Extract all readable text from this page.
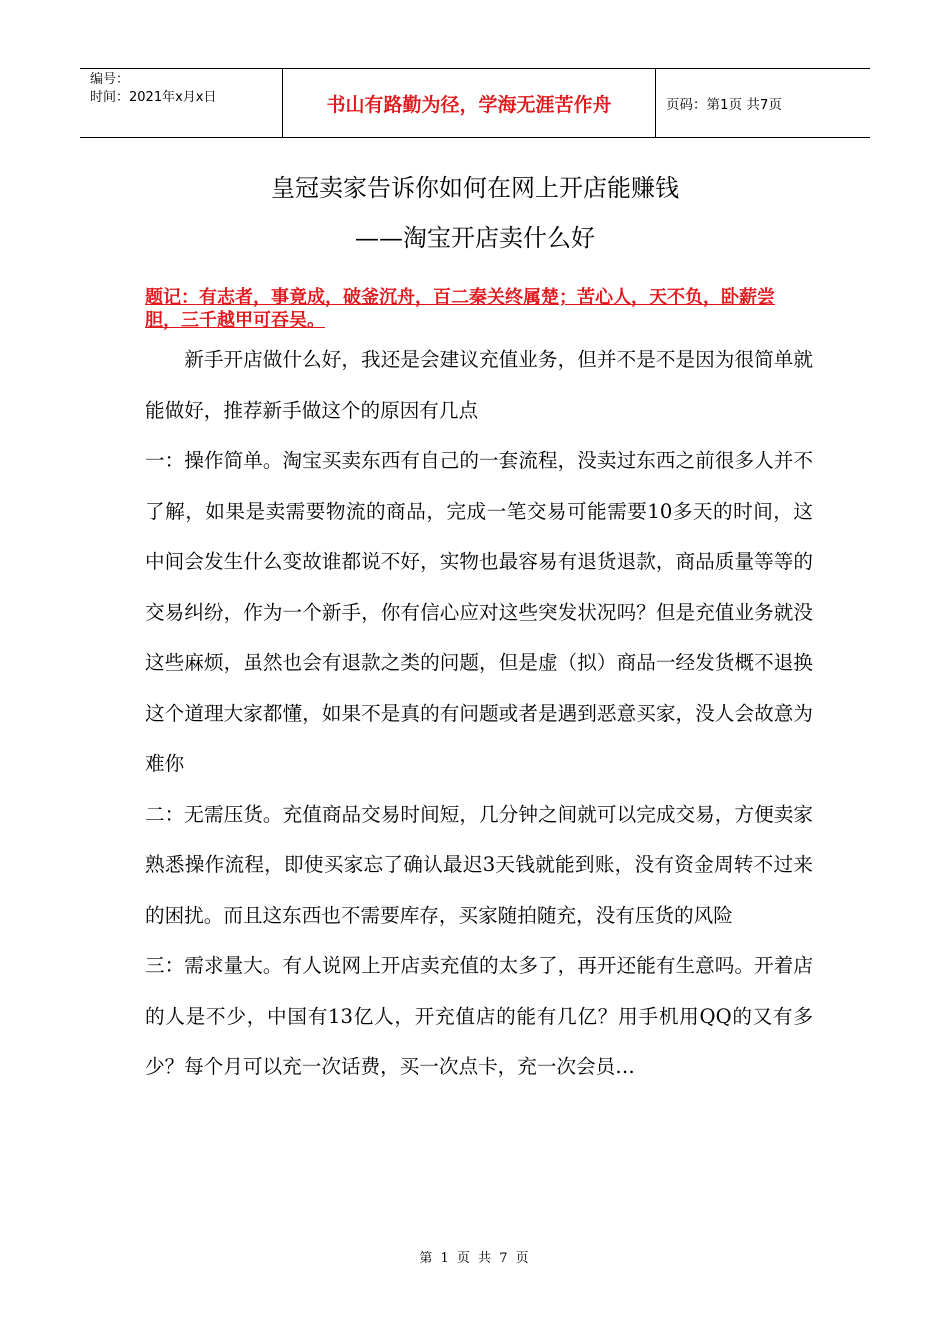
编号：
时间：2021年x月x日	书山有路勤为径，学海无涯苦作舟	页码：第1页 共7页
皇冠卖家告诉你如何在网上开店能赚钱
——淘宝开店卖什么好
题记：有志者，事竟成，破釜沉舟，百二秦关终属楚；苦心人，天不负，卧薪尝胆，三千越甲可吞吴。

新手开店做什么好，我还是会建议充值业务，但并不是不是因为很简单就能做好，推荐新手做这个的原因有几点

一：操作简单。淘宝买卖东西有自己的一套流程，没卖过东西之前很多人并不了解，如果是卖需要物流的商品，完成一笔交易可能需要10多天的时间，这中间会发生什么变故谁都说不好，实物也最容易有退货退款，商品质量等等的交易纠纷，作为一个新手，你有信心应对这些突发状况吗？但是充值业务就没这些麻烦，虽然也会有退款之类的问题，但是虚（拟）商品一经发货概不退换这个道理大家都懂，如果不是真的有问题或者是遇到恶意买家，没人会故意为难你

二：无需压货。充值商品交易时间短，几分钟之间就可以完成交易，方便卖家熟悉操作流程，即使买家忘了确认最迟3天钱就能到账，没有资金周转不过来的困扰。而且这东西也不需要库存，买家随拍随充，没有压货的风险

三：需求量大。有人说网上开店卖充值的太多了，再开还能有生意吗。开着店的人是不少，中国有13亿人，开充值店的能有几亿？用手机用QQ的又有多少？每个月可以充一次话费，买一次点卡，充一次会员…

第 1 页 共 7 页
